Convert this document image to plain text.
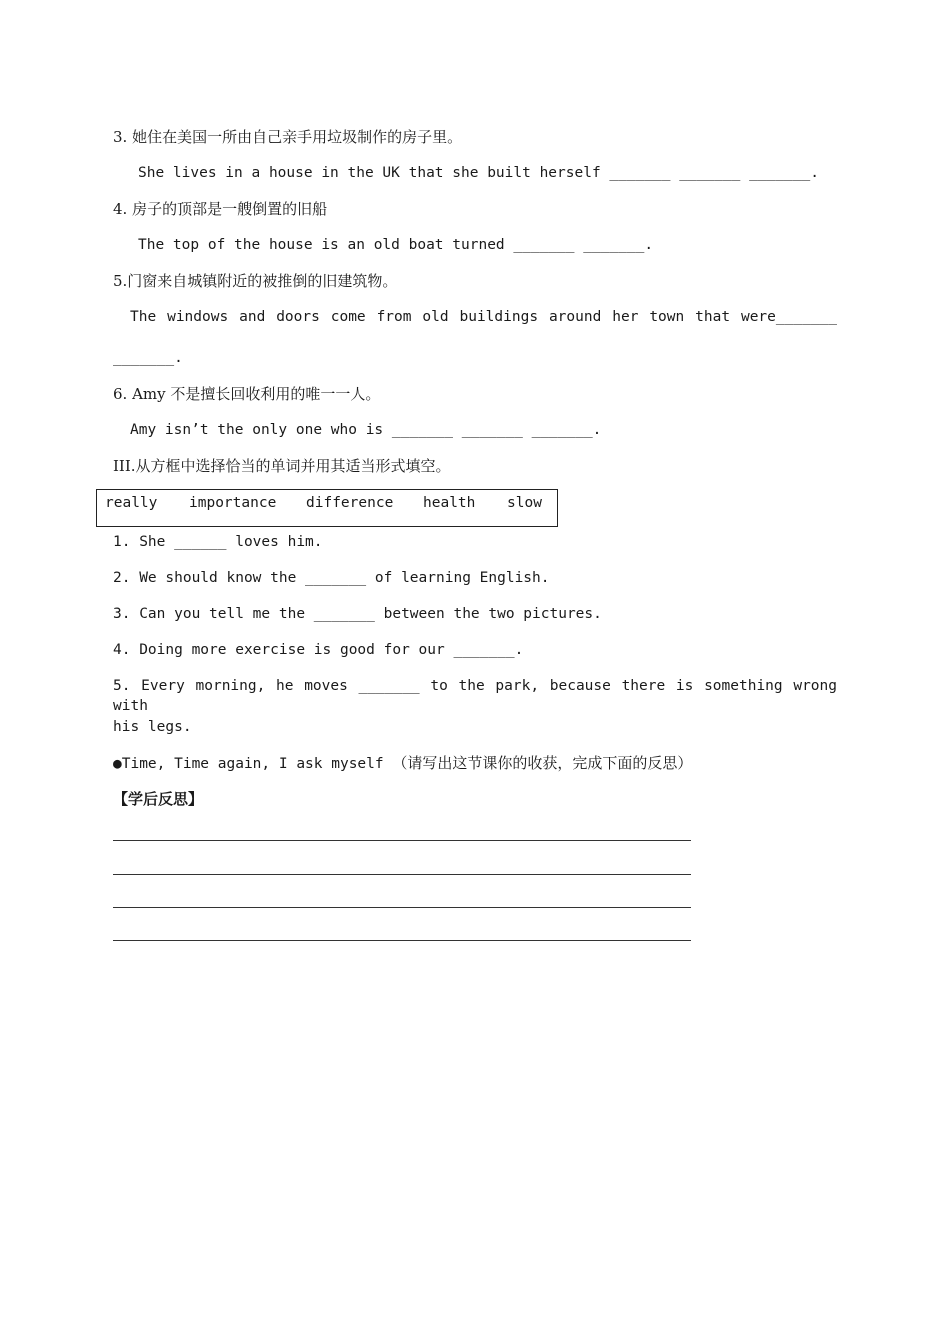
3. 她住在美国一所由自己亲手用垃圾制作的房子里。
She lives in a house in the UK that she built herself _______ _______ _______.
4. 房子的顶部是一艘倒置的旧船
The top of the house is an old boat turned _______ _______.
5.门窗来自城镇附近的被推倒的旧建筑物。
The windows and doors come from old buildings around her town that were_______
_______.
6. Amy 不是擅长回收利用的唯一一人。
Amy isn’t the only one who is _______ _______ _______.
III.从方框中选择恰当的单词并用其适当形式填空。
really importance difference health slow
1. She ______ loves him.
2. We should know the _______ of learning English.
3. Can you tell me the _______ between the two pictures.
4. Doing more exercise is good for our _______.
5. Every morning, he moves _______ to the park, because there is something wrong with
his legs.
●Time, Time again, I ask myself （请写出这节课你的收获，完成下面的反思）
【学后反思】
